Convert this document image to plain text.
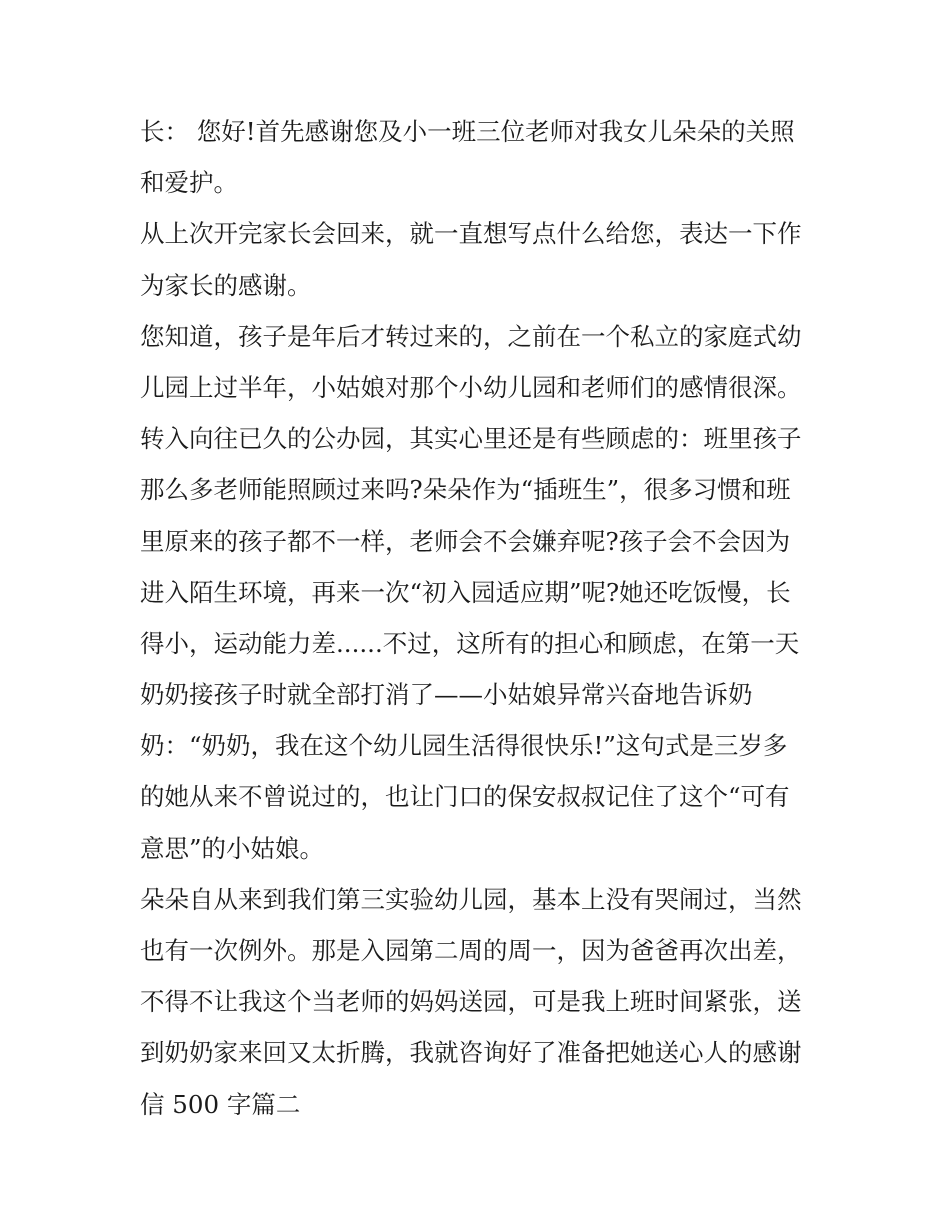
长： 您好!首先感谢您及小一班三位老师对我女儿朵朵的关照
和爱护。
从上次开完家长会回来，就一直想写点什么给您，表达一下作
为家长的感谢。
您知道，孩子是年后才转过来的，之前在一个私立的家庭式幼
儿园上过半年，小姑娘对那个小幼儿园和老师们的感情很深。
转入向往已久的公办园，其实心里还是有些顾虑的：班里孩子
那么多老师能照顾过来吗?朵朵作为“插班生”，很多习惯和班
里原来的孩子都不一样，老师会不会嫌弃呢?孩子会不会因为
进入陌生环境，再来一次“初入园适应期”呢?她还吃饭慢，长
得小，运动能力差......不过，这所有的担心和顾虑，在第一天
奶奶接孩子时就全部打消了——小姑娘异常兴奋地告诉奶
奶：“奶奶，我在这个幼儿园生活得很快乐!”这句式是三岁多
的她从来不曾说过的，也让门口的保安叔叔记住了这个“可有
意思”的小姑娘。
朵朵自从来到我们第三实验幼儿园，基本上没有哭闹过，当然
也有一次例外。那是入园第二周的周一，因为爸爸再次出差，
不得不让我这个当老师的妈妈送园，可是我上班时间紧张，送
到奶奶家来回又太折腾，我就咨询好了准备把她送心人的感谢
信 500 字篇二
